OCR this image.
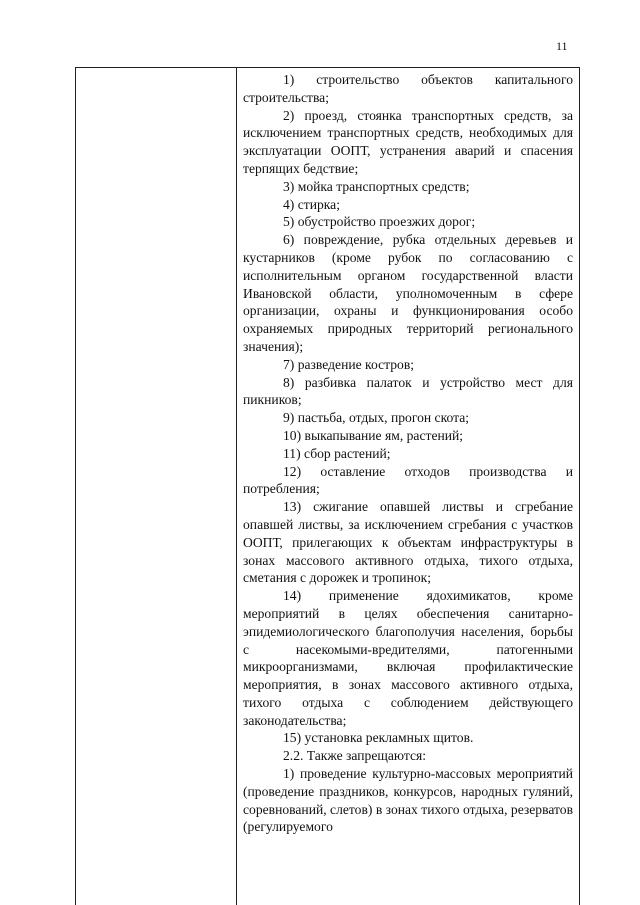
11

1) строительство объектов капитального строительства;

2) проезд, стоянка транспортных средств, за исключением транспортных средств, необходимых для эксплуатации ООПТ, устранения аварий и спасения терпящих бедствие;

3) мойка транспортных средств;

4) стирка;

5) обустройство проезжих дорог;

6) повреждение, рубка отдельных деревьев и кустарников (кроме рубок по согласованию с исполнительным органом государственной власти Ивановской области, уполномоченным в сфере организации, охраны и функционирования особо охраняемых природных территорий регионального значения);

7) разведение костров;

8) разбивка палаток и устройство мест для пикников;

9) пастьба, отдых, прогон скота;

10) выкапывание ям, растений;

11) сбор растений;

12) оставление отходов производства и потребления;

13) сжигание опавшей листвы и сгребание опавшей листвы, за исключением сгребания с участков ООПТ, прилегающих к объектам инфраструктуры в зонах массового активного отдыха, тихого отдыха, сметания с дорожек и тропинок;

14) применение ядохимикатов, кроме мероприятий в целях обеспечения санитарно-эпидемиологического благополучия населения, борьбы с насекомыми-вредителями, патогенными микроорганизмами, включая профилактические мероприятия, в зонах массового активного отдыха, тихого отдыха с соблюдением действующего законодательства;

15) установка рекламных щитов.

2.2. Также запрещаются:

1) проведение культурно-массовых мероприятий (проведение праздников, конкурсов, народных гуляний, соревнований, слетов) в зонах тихого отдыха, резерватов (регулируемого
